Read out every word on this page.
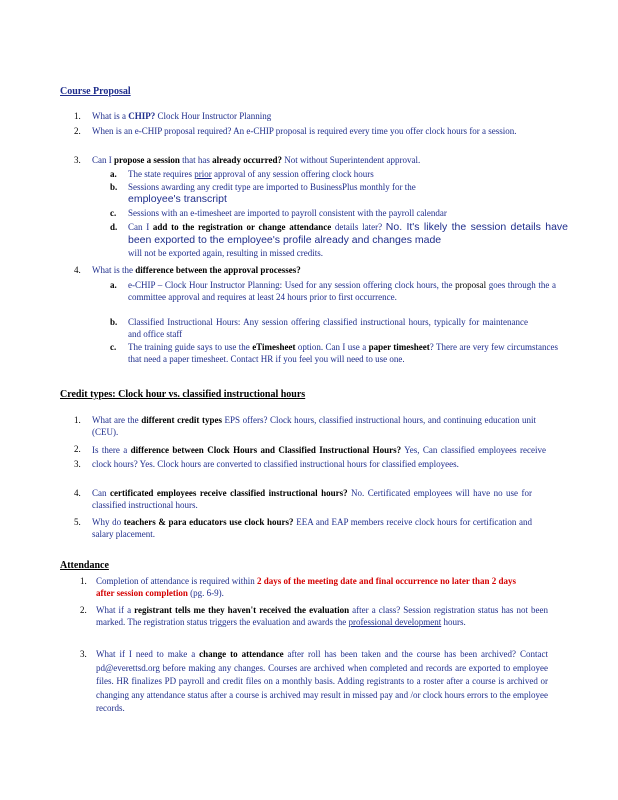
Course Proposal
1. What is a CHIP? Clock Hour Instructor Planning
2. When is an e-CHIP proposal required? An e-CHIP proposal is required every time you offer clock hours for a session.
3. Can I propose a session that has already occurred? Not without Superintendent approval.
a. The state requires prior approval of any session offering clock hours
b. Sessions awarding any credit type are imported to BusinessPlus monthly for the
employee's transcript
c. Sessions with an e-timesheet are imported to payroll consistent with the payroll calendar
d. Can I add to the registration or change attendance details later? No. It's likely the session details have been exported to the employee's profile already and changes made
will not be exported again, resulting in missed credits.
4. What is the difference between the approval processes?
a. e-CHIP – Clock Hour Instructor Planning: Used for any session offering clock hours, the proposal goes through the a committee approval and requires at least 24 hours prior to first occurrence.
b. Classified Instructional Hours: Any session offering classified instructional hours, typically for maintenance and office staff
c. The training guide says to use the eTimesheet option. Can I use a paper timesheet? There are very few circumstances that need a paper timesheet. Contact HR if you feel you will need to use one.
Credit types: Clock hour vs. classified instructional hours
1. What are the different credit types EPS offers? Clock hours, classified instructional hours, and continuing education unit (CEU).
2. Is there a difference between Clock Hours and Classified Instructional Hours? Yes, Can classified employees receive clock hours? Yes. Clock hours are converted to classified instructional hours for classified employees.
3.
4. Can certificated employees receive classified instructional hours? No. Certificated employees will have no use for classified instructional hours.
5. Why do teachers & para educators use clock hours? EEA and EAP members receive clock hours for certification and salary placement.
Attendance
1. Completion of attendance is required within 2 days of the meeting date and final occurrence no later than 2 days after session completion (pg. 6-9).
2. What if a registrant tells me they haven't received the evaluation after a class? Session registration status has not been marked. The registration status triggers the evaluation and awards the professional development hours.
3. What if I need to make a change to attendance after roll has been taken and the course has been archived? Contact pd@everettsd.org before making any changes. Courses are archived when completed and records are exported to employee files. HR finalizes PD payroll and credit files on a monthly basis. Adding registrants to a roster after a course is archived or changing any attendance status after a course is archived may result in missed pay and /or clock hours errors to the employee records.
